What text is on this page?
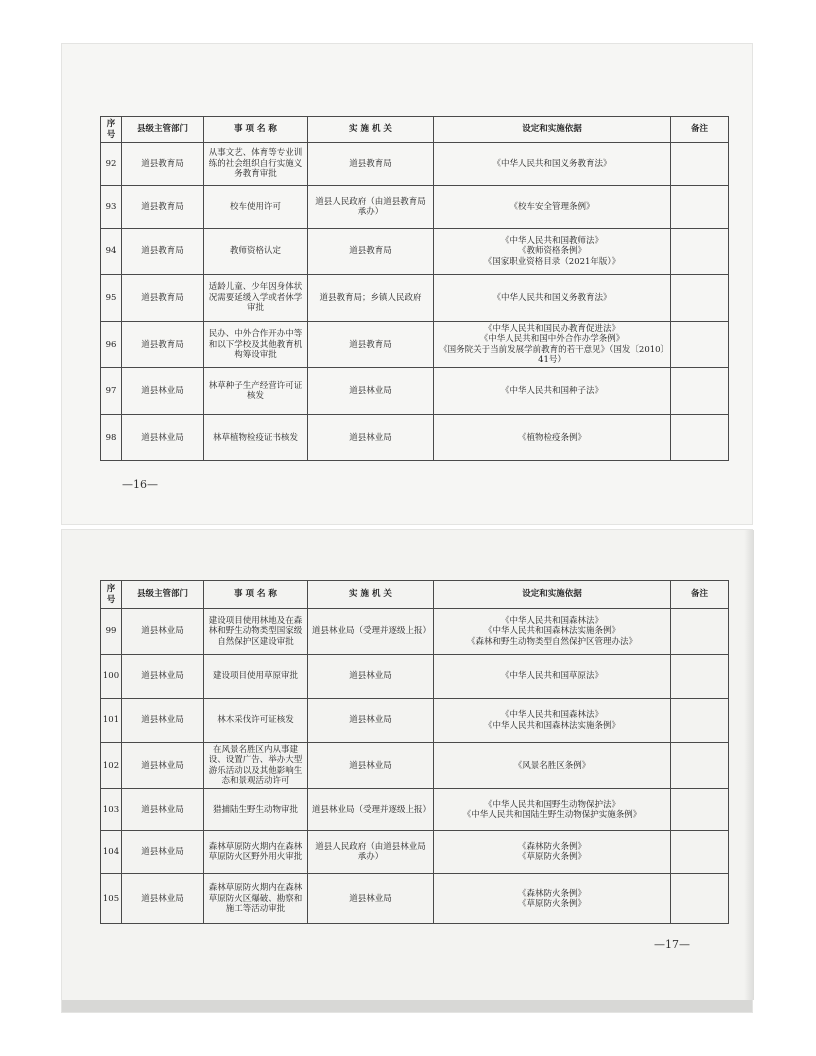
序号	县级主管部门	事 项 名 称	实 施 机 关	设定和实施依据	备注
92	道县教育局	从事文艺、体育等专业训练的社会组织自行实施义务教育审批	道县教育局	《中华人民共和国义务教育法》	

93	道县教育局	校车使用许可	道县人民政府（由道县教育局承办）	《校车安全管理条例》	

94	道县教育局	教师资格认定	道县教育局	《中华人民共和国教师法》
《教师资格条例》
《国家职业资格目录（2021年版）》	

95	道县教育局	适龄儿童、少年因身体状况需要延缓入学或者休学审批	道县教育局；乡镇人民政府	《中华人民共和国义务教育法》	

96	道县教育局	民办、中外合作开办中等和以下学校及其他教育机构筹设审批	道县教育局	《中华人民共和国民办教育促进法》
《中华人民共和国中外合作办学条例》
《国务院关于当前发展学前教育的若干意见》（国发〔2010〕41号）	

97	道县林业局	林草种子生产经营许可证核发	道县林业局	《中华人民共和国种子法》	

98	道县林业局	林草植物检疫证书核发	道县林业局	《植物检疫条例》	

—16—
序号	县级主管部门	事 项 名 称	实 施 机 关	设定和实施依据	备注
99	道县林业局	建设项目使用林地及在森林和野生动物类型国家级自然保护区建设审批	道县林业局（受理并逐级上报）	《中华人民共和国森林法》
《中华人民共和国森林法实施条例》
《森林和野生动物类型自然保护区管理办法》	

100	道县林业局	建设项目使用草原审批	道县林业局	《中华人民共和国草原法》	

101	道县林业局	林木采伐许可证核发	道县林业局	《中华人民共和国森林法》
《中华人民共和国森林法实施条例》	

102	道县林业局	在风景名胜区内从事建设、设置广告、举办大型游乐活动以及其他影响生态和景观活动许可	道县林业局	《风景名胜区条例》	

103	道县林业局	猎捕陆生野生动物审批	道县林业局（受理并逐级上报）	《中华人民共和国野生动物保护法》
《中华人民共和国陆生野生动物保护实施条例》	

104	道县林业局	森林草原防火期内在森林草原防火区野外用火审批	道县人民政府（由道县林业局承办）	《森林防火条例》
《草原防火条例》	

105	道县林业局	森林草原防火期内在森林草原防火区爆破、勘察和施工等活动审批	道县林业局	《森林防火条例》
《草原防火条例》	

—17—
